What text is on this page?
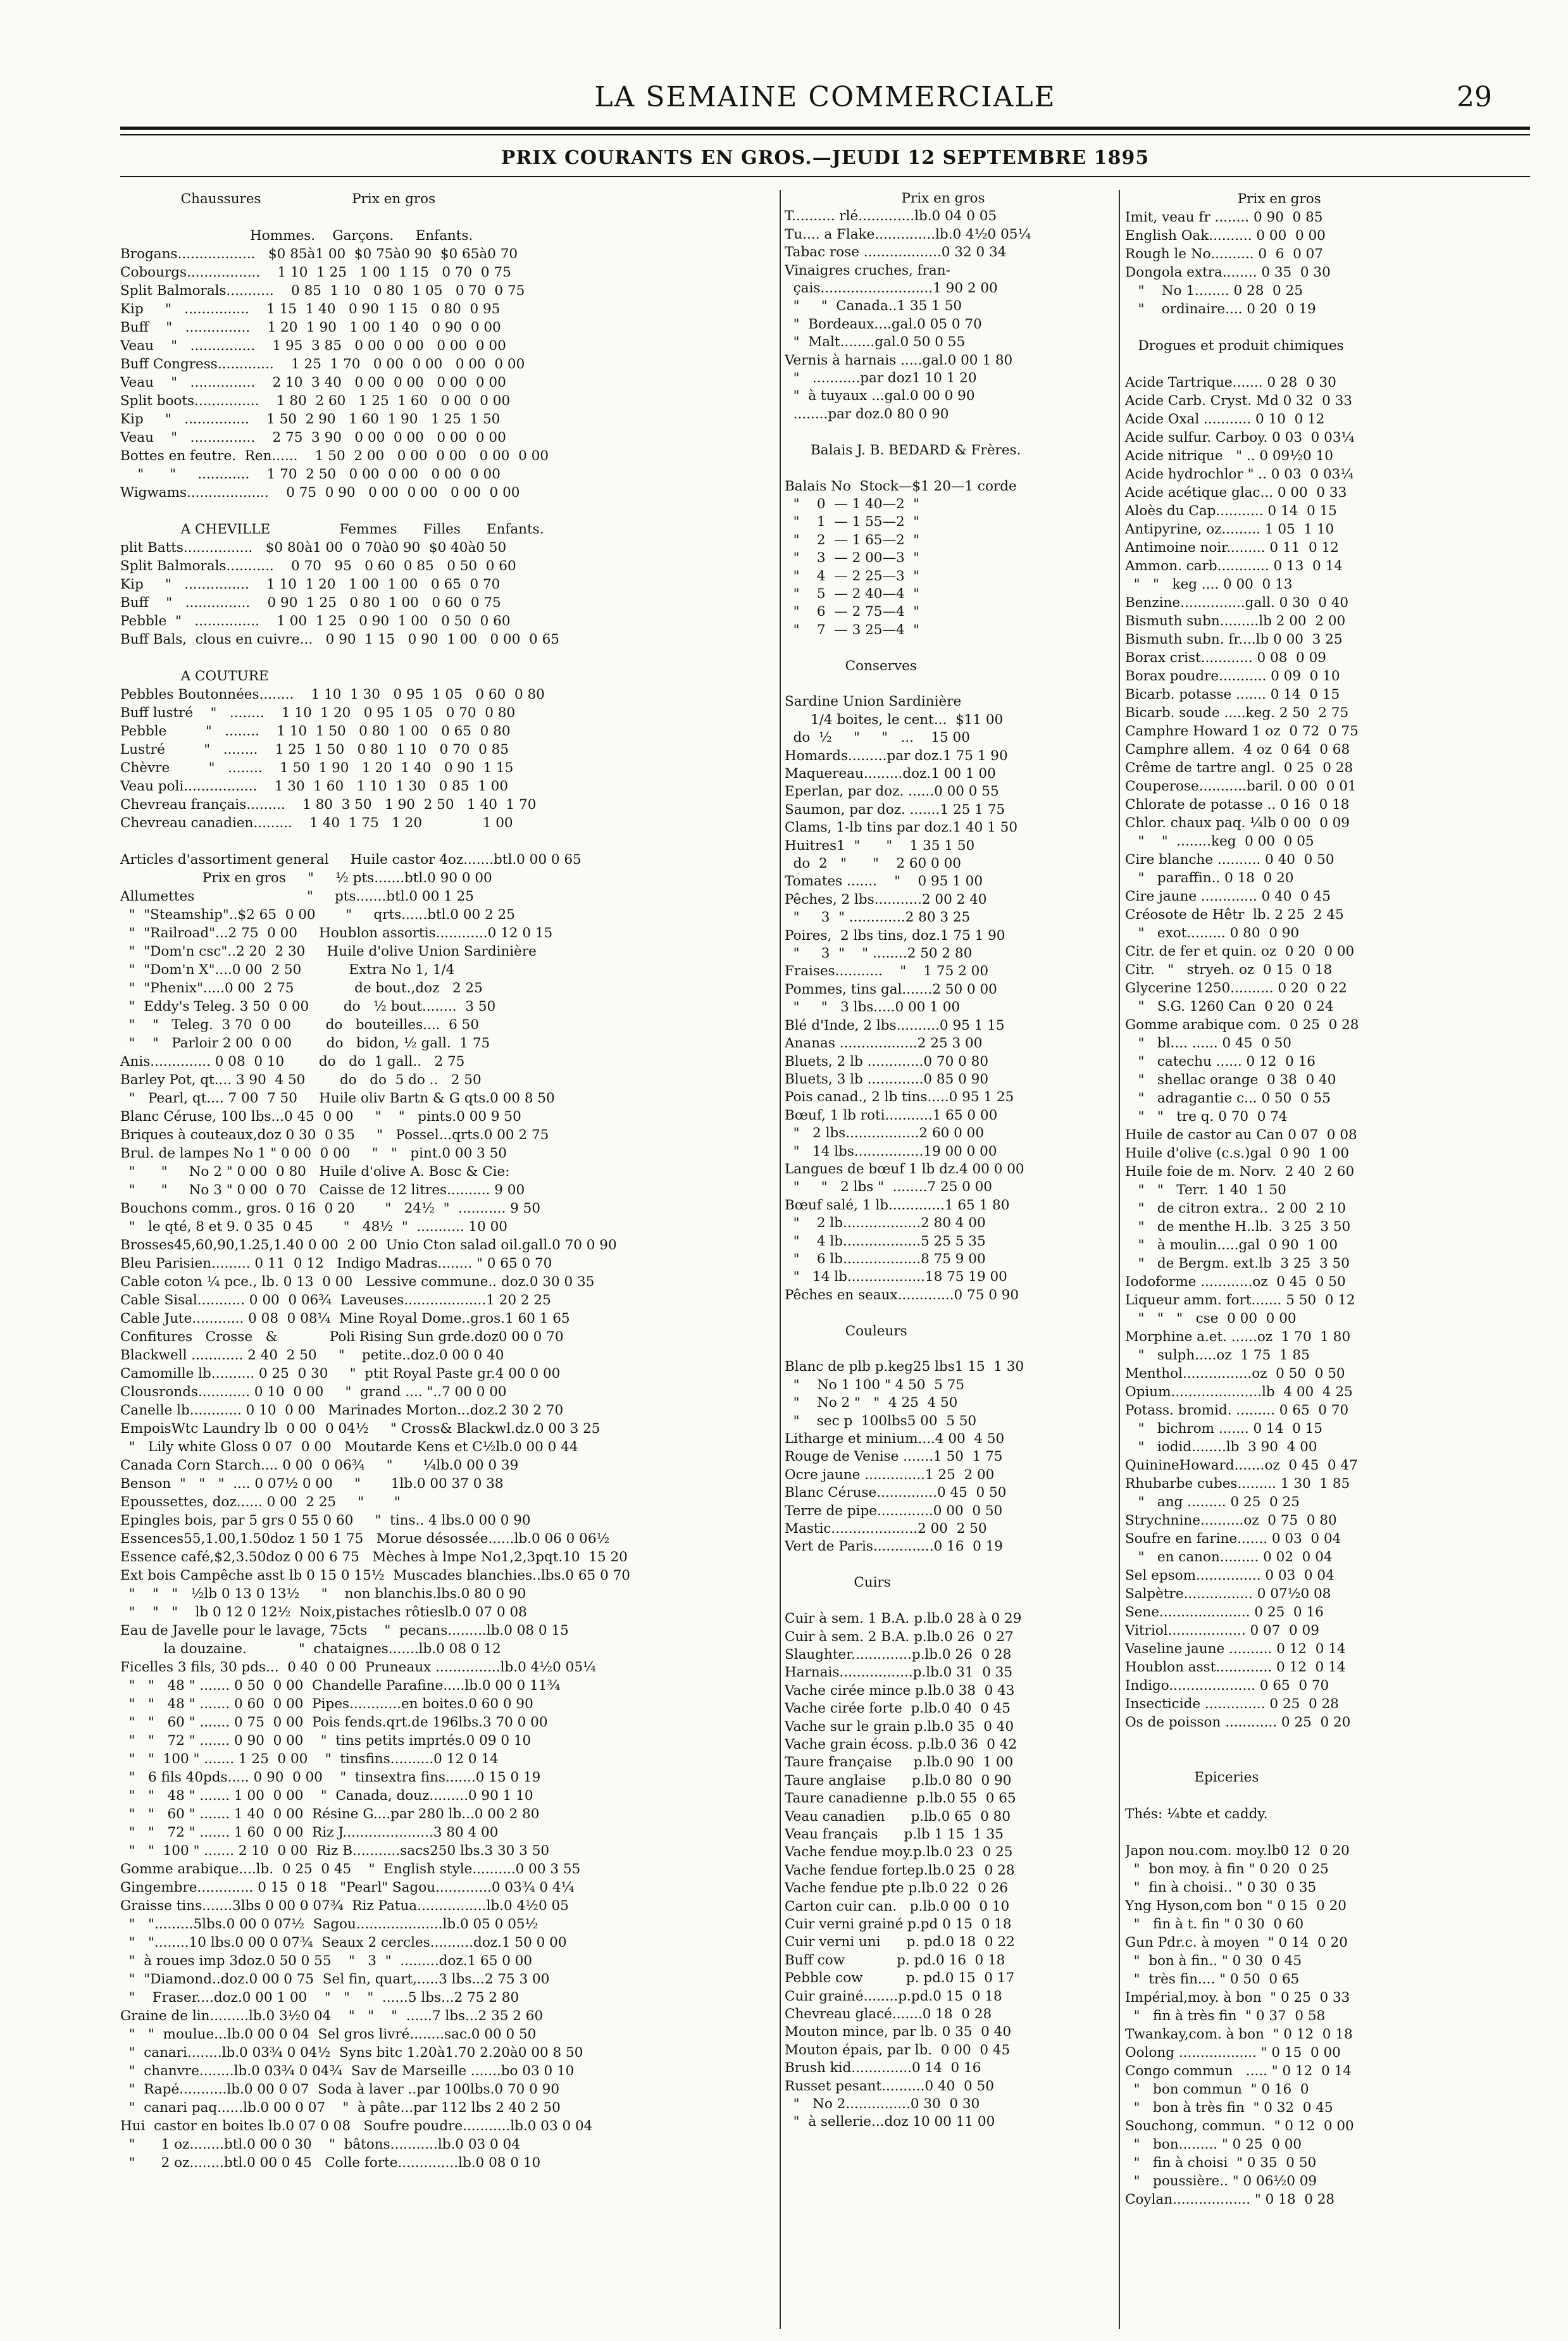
LA SEMAINE COMMERCIALE	29
PRIX COURANTS EN GROS.—JEUDI 12 SEPTEMBRE 1895
Chaussures                     Prix en gros

Hommes.    Garçons.     Enfants.
Brogans..................   $0 85à1 00  $0 75à0 90  $0 65à0 70
Cobourgs.................    1 10  1 25   1 00  1 15   0 70  0 75
Split Balmorals...........    0 85  1 10   0 80  1 05   0 70  0 75
Kip     "   ...............    1 15  1 40   0 90  1 15   0 80  0 95
Buff    "   ...............    1 20  1 90   1 00  1 40   0 90  0 00
Veau    "   ...............    1 95  3 85   0 00  0 00   0 00  0 00
Buff Congress.............    1 25  1 70   0 00  0 00   0 00  0 00
Veau    "   ...............    2 10  3 40   0 00  0 00   0 00  0 00
Split boots...............    1 80  2 60   1 25  1 60   0 00  0 00
Kip     "   ...............    1 50  2 90   1 60  1 90   1 25  1 50
Veau    "   ...............    2 75  3 90   0 00  0 00   0 00  0 00
Bottes en feutre.  Ren......    1 50  2 00   0 00  0 00   0 00  0 00
"      "     ............    1 70  2 50   0 00  0 00   0 00  0 00
Wigwams...................    0 75  0 90   0 00  0 00   0 00  0 00

A CHEVILLE                Femmes      Filles      Enfants.
plit Batts................   $0 80à1 00  0 70à0 90  $0 40à0 50
Split Balmorals...........    0 70   95   0 60  0 85   0 50  0 60
Kip     "   ...............    1 10  1 20   1 00  1 00   0 65  0 70
Buff    "   ...............    0 90  1 25   0 80  1 00   0 60  0 75
Pebble  "   ...............    1 00  1 25   0 90  1 00   0 50  0 60
Buff Bals,  clous en cuivre...   0 90  1 15   0 90  1 00   0 00  0 65

A COUTURE
Pebbles Boutonnées........    1 10  1 30   0 95  1 05   0 60  0 80
Buff lustré    "   ........    1 10  1 20   0 95  1 05   0 70  0 80
Pebble         "   ........    1 10  1 50   0 80  1 00   0 65  0 80
Lustré         "   ........    1 25  1 50   0 80  1 10   0 70  0 85
Chèvre         "   ........    1 50  1 90   1 20  1 40   0 90  1 15
Veau poli.................    1 30  1 60   1 10  1 30   0 85  1 00
Chevreau français.........    1 80  3 50   1 90  2 50   1 40  1 70
Chevreau canadien.........    1 40  1 75   1 20              1 00

Articles d'assortiment general     Huile castor 4oz.......btl.0 00 0 65
Prix en gros     "     ½ pts.......btl.0 90 0 00
Allumettes                          "     pts.......btl.0 00 1 25
"  "Steamship"..$2 65  0 00       "     qrts......btl.0 00 2 25
"  "Railroad"...2 75  0 00     Houblon assortis............0 12 0 15
"  "Dom'n csc"..2 20  2 30     Huile d'olive Union Sardinière
"  "Dom'n X"....0 00  2 50           Extra No 1, 1/4
"  "Phenix".....0 00  2 75              de bout.,doz   2 25
"  Eddy's Teleg. 3 50  0 00        do   ½ bout........  3 50
"    "   Teleg.  3 70  0 00        do   bouteilles....  6 50
"    "   Parloir 2 00  0 00        do   bidon, ½ gall.  1 75
Anis.............. 0 08  0 10        do   do  1 gall..   2 75
Barley Pot, qt.... 3 90  4 50        do   do  5 do ..   2 50
"   Pearl, qt.... 7 00  7 50     Huile oliv Bartn & G qts.0 00 8 50
Blanc Céruse, 100 lbs...0 45  0 00     "    "   pints.0 00 9 50
Briques à couteaux,doz 0 30  0 35     "   Possel...qrts.0 00 2 75
Brul. de lampes No 1 " 0 00  0 00     "   "   pint.0 00 3 50
"      "     No 2 " 0 00  0 80   Huile d'olive A. Bosc & Cie:
"      "     No 3 " 0 00  0 70   Caisse de 12 litres.......... 9 00
Bouchons comm., gros. 0 16  0 20       "   24½  "  ........... 9 50
"   le qté, 8 et 9. 0 35  0 45       "   48½  "  ........... 10 00
Brosses45,60,90,1.25,1.40 0 00  2 00  Unio Cton salad oil.gall.0 70 0 90
Bleu Parisien......... 0 11  0 12   Indigo Madras........ " 0 65 0 70
Cable coton ¼ pce., lb. 0 13  0 00   Lessive commune.. doz.0 30 0 35
Cable Sisal........... 0 00  0 06¾  Laveuses...................1 20 2 25
Cable Jute............ 0 08  0 08¼  Mine Royal Dome..gros.1 60 1 65
Confitures   Crosse   &            Poli Rising Sun grde.doz0 00 0 70
Blackwell ............ 2 40  2 50     "    petite..doz.0 00 0 40
Camomille lb.......... 0 25  0 30     "  ptit Royal Paste gr.4 00 0 00
Clousronds............ 0 10  0 00     "  grand .... "..7 00 0 00
Canelle lb............ 0 10  0 00   Marinades Morton...doz.2 30 2 70
EmpoisWtc Laundry lb  0 00  0 04½     " Cross& Blackwl.dz.0 00 3 25
"   Lily white Gloss 0 07  0 00   Moutarde Kens et C½lb.0 00 0 44
Canada Corn Starch.... 0 00  0 06¾     "       ¼lb.0 00 0 39
Benson  "   "   "  .... 0 07½ 0 00     "       1lb.0 00 37 0 38
Epoussettes, doz...... 0 00  2 25     "       "
Epingles bois, par 5 grs 0 55 0 60     "  tins.. 4 lbs.0 00 0 90
Essences55,1.00,1.50doz 1 50 1 75   Morue désossée......lb.0 06 0 06½
Essence café,$2,3.50doz 0 00 6 75   Mèches à lmpe No1,2,3pqt.10  15 20
Ext bois Campêche asst lb 0 15 0 15½  Muscades blanchies..lbs.0 65 0 70
"    "   "   ½lb 0 13 0 13½     "    non blanchis.lbs.0 80 0 90
"    "   "    lb 0 12 0 12½  Noix,pistaches rôtieslb.0 07 0 08
Eau de Javelle pour le lavage, 75cts    "  pecans.........lb.0 08 0 15
la douzaine.            "  chataignes.......lb.0 08 0 12
Ficelles 3 fils, 30 pds...  0 40  0 00  Pruneaux ...............lb.0 4½0 05¼
"   "   48 " ....... 0 50  0 00  Chandelle Parafine.....lb.0 00 0 11¾
"   "   48 " ....... 0 60  0 00  Pipes............en boites.0 60 0 90
"   "   60 " ....... 0 75  0 00  Pois fends.qrt.de 196lbs.3 70 0 00
"   "   72 " ....... 0 90  0 00    "  tins petits imprtés.0 09 0 10
"   "  100 " ....... 1 25  0 00    "  tinsfins..........0 12 0 14
"   6 fils 40pds..... 0 90  0 00    "  tinsextra fins.......0 15 0 19
"   "   48 " ....... 1 00  0 00    "  Canada, douz.........0 90 1 10
"   "   60 " ....... 1 40  0 00  Résine G....par 280 lb...0 00 2 80
"   "   72 " ....... 1 60  0 00  Riz J.....................3 80 4 00
"   "  100 " ....... 2 10  0 00  Riz B...........sacs250 lbs.3 30 3 50
Gomme arabique....lb.  0 25  0 45    "  English style..........0 00 3 55
Gingembre............. 0 15  0 18   "Pearl" Sagou.............0 03¾ 0 4¼
Graisse tins.......3lbs 0 00 0 07¾  Riz Patua................lb.0 4½0 05
"   ".........5lbs.0 00 0 07½  Sagou....................lb.0 05 0 05½
"   "........10 lbs.0 00 0 07¾  Seaux 2 cercles..........doz.1 50 0 00
"  à roues imp 3doz.0 50 0 55    "   3  "  .........doz.1 65 0 00
"  "Diamond..doz.0 00 0 75  Sel fin, quart,.....3 lbs...2 75 3 00
"    Fraser....doz.0 00 1 00    "   "    "  ......5 lbs...2 75 2 80
Graine de lin.........lb.0 3½0 04    "   "    "  ......7 lbs...2 35 2 60
"   "  moulue...lb.0 00 0 04  Sel gros livré........sac.0 00 0 50
"  canari........lb.0 03¾ 0 04½  Syns bitc 1.20à1.70 2.20à0 00 8 50
"  chanvre........lb.0 03¾ 0 04¾  Sav de Marseille .......bo 03 0 10
"  Rapé...........lb.0 00 0 07  Soda à laver ..par 100lbs.0 70 0 90
"  canari paq......lb.0 00 0 07    "  à pâte...par 112 lbs 2 40 2 50
Hui  castor en boites lb.0 07 0 08   Soufre poudre...........lb.0 03 0 04
"      1 oz........btl.0 00 0 30    "  bâtons...........lb.0 03 0 04
"      2 oz........btl.0 00 0 45   Colle forte..............lb.0 08 0 10
Prix en gros
T.......... rlé.............lb.0 04 0 05
Tu.... a Flake..............lb.0 4½0 05¼
Tabac rose ..................0 32 0 34
Vinaigres cruches, fran-
çais..........................1 90 2 00
"     "  Canada..1 35 1 50
"  Bordeaux....gal.0 05 0 70
"  Malt........gal.0 50 0 55
Vernis à harnais .....gal.0 00 1 80
"   ...........par doz1 10 1 20
"  à tuyaux ...gal.0 00 0 90
........par doz.0 80 0 90

Balais J. B. BEDARD & Frères.

Balais No  Stock—$1 20—1 corde
"    0  — 1 40—2  "
"    1  — 1 55—2  "
"    2  — 1 65—2  "
"    3  — 2 00—3  "
"    4  — 2 25—3  "
"    5  — 2 40—4  "
"    6  — 2 75—4  "
"    7  — 3 25—4  "

Conserves

Sardine Union Sardinière
1/4 boites, le cent...  $11 00
do  ½     "     "   ...    15 00
Homards.........par doz.1 75 1 90
Maquereau.........doz.1 00 1 00
Eperlan, par doz. ......0 00 0 55
Saumon, par doz. .......1 25 1 75
Clams, 1-lb tins par doz.1 40 1 50
Huitres1  "      "    1 35 1 50
do  2   "      "    2 60 0 00
Tomates .......    "    0 95 1 00
Pêches, 2 lbs...........2 00 2 40
"     3  " .............2 80 3 25
Poires,  2 lbs tins, doz.1 75 1 90
"     3  "    " ........2 50 2 80
Fraises...........    "    1 75 2 00
Pommes, tins gal.......2 50 0 00
"     "   3 lbs.....0 00 1 00
Blé d'Inde, 2 lbs..........0 95 1 15
Ananas ..................2 25 3 00
Bluets, 2 lb .............0 70 0 80
Bluets, 3 lb .............0 85 0 90
Pois canad., 2 lb tins.....0 95 1 25
Bœuf, 1 lb roti...........1 65 0 00
"   2 lbs.................2 60 0 00
"   14 lbs................19 00 0 00
Langues de bœuf 1 lb dz.4 00 0 00
"     "   2 lbs "  ........7 25 0 00
Bœuf salé, 1 lb.............1 65 1 80
"    2 lb..................2 80 4 00
"    4 lb..................5 25 5 35
"    6 lb..................8 75 9 00
"   14 lb..................18 75 19 00
Pêches en seaux.............0 75 0 90

Couleurs

Blanc de plb p.keg25 lbs1 15  1 30
"    No 1 100 " 4 50  5 75
"    No 2 "   "  4 25  4 50
"    sec p  100lbs5 00  5 50
Litharge et minium....4 00  4 50
Rouge de Venise .......1 50  1 75
Ocre jaune ..............1 25  2 00
Blanc Céruse..............0 45  0 50
Terre de pipe.............0 00  0 50
Mastic....................2 00  2 50
Vert de Paris..............0 16  0 19

Cuirs

Cuir à sem. 1 B.A. p.lb.0 28 à 0 29
Cuir à sem. 2 B.A. p.lb.0 26  0 27
Slaughter..............p.lb.0 26  0 28
Harnais.................p.lb.0 31  0 35
Vache cirée mince p.lb.0 38  0 43
Vache cirée forte  p.lb.0 40  0 45
Vache sur le grain p.lb.0 35  0 40
Vache grain écoss. p.lb.0 36  0 42
Taure française     p.lb.0 90  1 00
Taure anglaise      p.lb.0 80  0 90
Taure canadienne  p.lb.0 55  0 65
Veau canadien      p.lb.0 65  0 80
Veau français      p.lb 1 15  1 35
Vache fendue moy.p.lb.0 23  0 25
Vache fendue fortep.lb.0 25  0 28
Vache fendue pte p.lb.0 22  0 26
Carton cuir can.   p.lb.0 00  0 10
Cuir verni grainé p.pd 0 15  0 18
Cuir verni uni      p. pd.0 18  0 22
Buff cow            p. pd.0 16  0 18
Pebble cow          p. pd.0 15  0 17
Cuir grainé........p.pd.0 15  0 18
Chevreau glacé.......0 18  0 28
Mouton mince, par lb. 0 35  0 40
Mouton épais, par lb.  0 00  0 45
Brush kid..............0 14  0 16
Russet pesant..........0 40  0 50
"   No 2...............0 30  0 30
"  à sellerie...doz 10 00 11 00
Prix en gros
Imit, veau fr ........ 0 90  0 85
English Oak.......... 0 00  0 00
Rough le No.......... 0  6  0 07
Dongola extra........ 0 35  0 30
"    No 1........ 0 28  0 25
"    ordinaire.... 0 20  0 19

Drogues et produit chimiques

Acide Tartrique....... 0 28  0 30
Acide Carb. Cryst. Md 0 32  0 33
Acide Oxal ........... 0 10  0 12
Acide sulfur. Carboy. 0 03  0 03¼
Acide nitrique   " .. 0 09½0 10
Acide hydrochlor " .. 0 03  0 03¼
Acide acétique glac... 0 00  0 33
Aloès du Cap........... 0 14  0 15
Antipyrine, oz......... 1 05  1 10
Antimoine noir......... 0 11  0 12
Ammon. carb............ 0 13  0 14
"   "   keg .... 0 00  0 13
Benzine...............gall. 0 30  0 40
Bismuth subn.........lb 2 00  2 00
Bismuth subn. fr....lb 0 00  3 25
Borax crist............ 0 08  0 09
Borax poudre........... 0 09  0 10
Bicarb. potasse ....... 0 14  0 15
Bicarb. soude .....keg. 2 50  2 75
Camphre Howard 1 oz  0 72  0 75
Camphre allem.  4 oz  0 64  0 68
Crême de tartre angl.  0 25  0 28
Couperose...........baril. 0 00  0 01
Chlorate de potasse .. 0 16  0 18
Chlor. chaux paq. ¼lb 0 00  0 09
"    "  ........keg  0 00  0 05
Cire blanche .......... 0 40  0 50
"   paraffin.. 0 18  0 20
Cire jaune ............. 0 40  0 45
Créosote de Hêtr  lb. 2 25  2 45
"   exot......... 0 80  0 90
Citr. de fer et quin. oz  0 20  0 00
Citr.   "   stryeh. oz  0 15  0 18
Glycerine 1250.......... 0 20  0 22
"   S.G. 1260 Can  0 20  0 24
Gomme arabique com.  0 25  0 28
"   bl.... ...... 0 45  0 50
"   catechu ...... 0 12  0 16
"   shellac orange  0 38  0 40
"   adragantie c... 0 50  0 55
"   "   tre q. 0 70  0 74
Huile de castor au Can 0 07  0 08
Huile d'olive (c.s.)gal  0 90  1 00
Huile foie de m. Norv.  2 40  2 60
"   "   Terr.  1 40  1 50
"   de citron extra..  2 00  2 10
"   de menthe H..lb.  3 25  3 50
"   à moulin.....gal  0 90  1 00
"   de Bergm. ext.lb  3 25  3 50
Iodoforme ............oz  0 45  0 50
Liqueur amm. fort....... 5 50  0 12
"   "   "   cse  0 00  0 00
Morphine a.et. ......oz  1 70  1 80
"   sulph.....oz  1 75  1 85
Menthol................oz  0 50  0 50
Opium.....................lb  4 00  4 25
Potass. bromid. ......... 0 65  0 70
"   bichrom ....... 0 14  0 15
"   iodid........lb  3 90  4 00
QuinineHoward.......oz  0 45  0 47
Rhubarbe cubes......... 1 30  1 85
"   ang ......... 0 25  0 25
Strychnine..........oz  0 75  0 80
Soufre en farine....... 0 03  0 04
"   en canon......... 0 02  0 04
Sel epsom............... 0 03  0 04
Salpètre................ 0 07½0 08
Sene..................... 0 25  0 16
Vitriol.................. 0 07  0 09
Vaseline jaune .......... 0 12  0 14
Houblon asst............. 0 12  0 14
Indigo.................... 0 65  0 70
Insecticide .............. 0 25  0 28
Os de poisson ............ 0 25  0 20

Epiceries

Thés: ¼bte et caddy.

Japon nou.com. moy.lb0 12  0 20
"  bon moy. à fin " 0 20  0 25
"  fin à choisi.. " 0 30  0 35
Yng Hyson,com bon " 0 15  0 20
"   fin à t. fin " 0 30  0 60
Gun Pdr.c. à moyen  " 0 14  0 20
"  bon à fin.. " 0 30  0 45
"  très fin.... " 0 50  0 65
Impérial,moy. à bon  " 0 25  0 33
"   fin à très fin  " 0 37  0 58
Twankay,com. à bon  " 0 12  0 18
Oolong .................. " 0 15  0 00
Congo commun   ..... " 0 12  0 14
"   bon commun  " 0 16  0
"   bon à très fin  " 0 32  0 45
Souchong, commun.  " 0 12  0 00
"   bon......... " 0 25  0 00
"   fin à choisi  " 0 35  0 50
"   poussière.. " 0 06½0 09
Coylan.................. " 0 18  0 28
